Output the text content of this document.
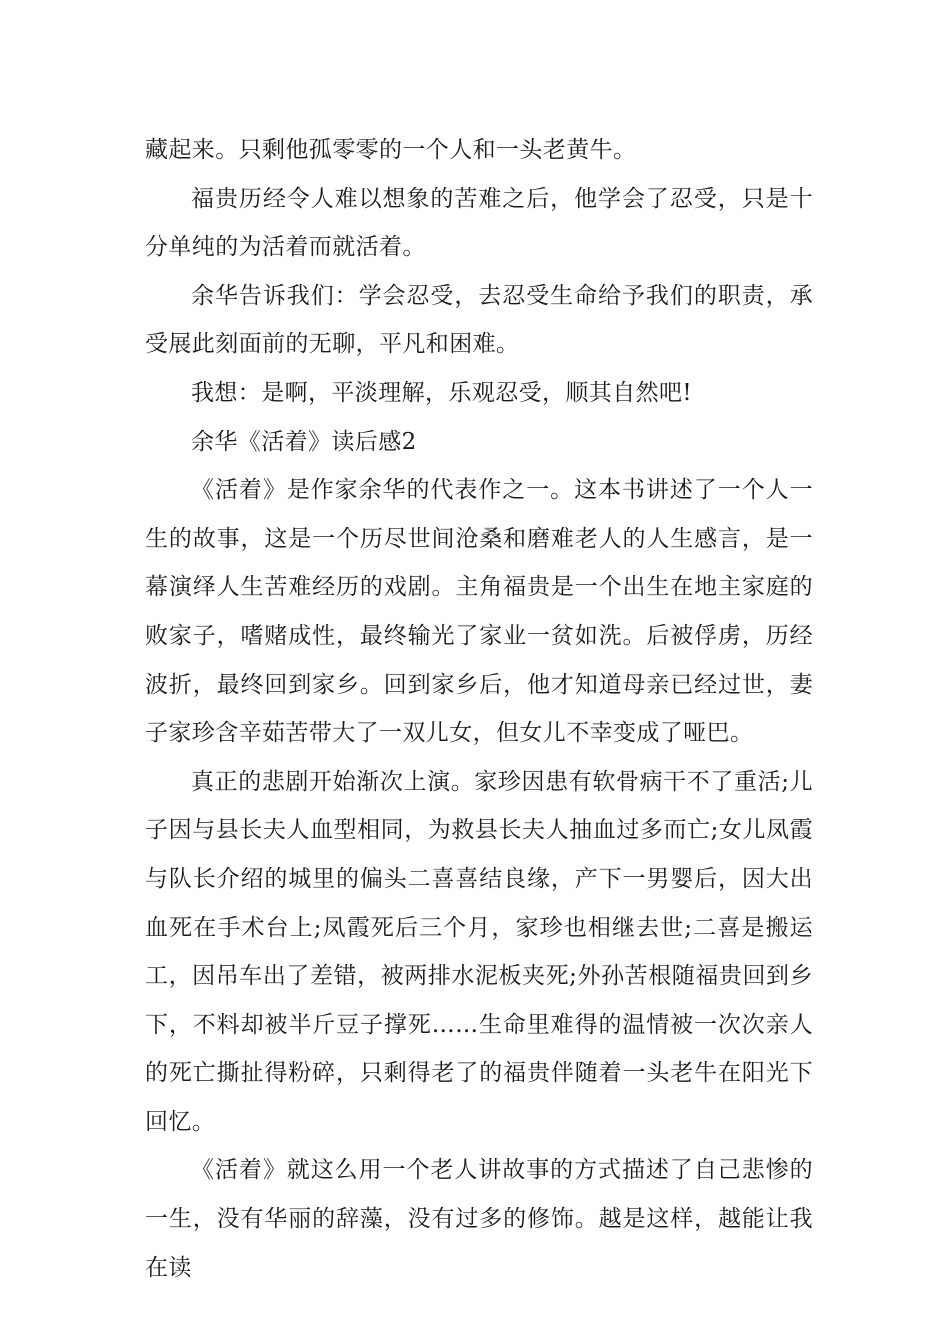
藏起来。只剩他孤零零的一个人和一头老黄牛。

福贵历经令人难以想象的苦难之后，他学会了忍受，只是十分单纯的为活着而就活着。

余华告诉我们：学会忍受，去忍受生命给予我们的职责，承受展此刻面前的无聊，平凡和困难。

我想：是啊，平淡理解，乐观忍受，顺其自然吧!

余华《活着》读后感2

《活着》是作家余华的代表作之一。这本书讲述了一个人一生的故事，这是一个历尽世间沧桑和磨难老人的人生感言，是一幕演绎人生苦难经历的戏剧。主角福贵是一个出生在地主家庭的败家子，嗜赌成性，最终输光了家业一贫如洗。后被俘虏，历经波折，最终回到家乡。回到家乡后，他才知道母亲已经过世，妻子家珍含辛茹苦带大了一双儿女，但女儿不幸变成了哑巴。

真正的悲剧开始渐次上演。家珍因患有软骨病干不了重活;儿子因与县长夫人血型相同，为救县长夫人抽血过多而亡;女儿凤霞与队长介绍的城里的偏头二喜喜结良缘，产下一男婴后，因大出血死在手术台上;凤霞死后三个月，家珍也相继去世;二喜是搬运工，因吊车出了差错，被两排水泥板夹死;外孙苦根随福贵回到乡下，不料却被半斤豆子撑死……生命里难得的温情被一次次亲人的死亡撕扯得粉碎，只剩得老了的福贵伴随着一头老牛在阳光下回忆。

《活着》就这么用一个老人讲故事的方式描述了自己悲惨的一生，没有华丽的辞藻，没有过多的修饰。越是这样，越能让我在读
